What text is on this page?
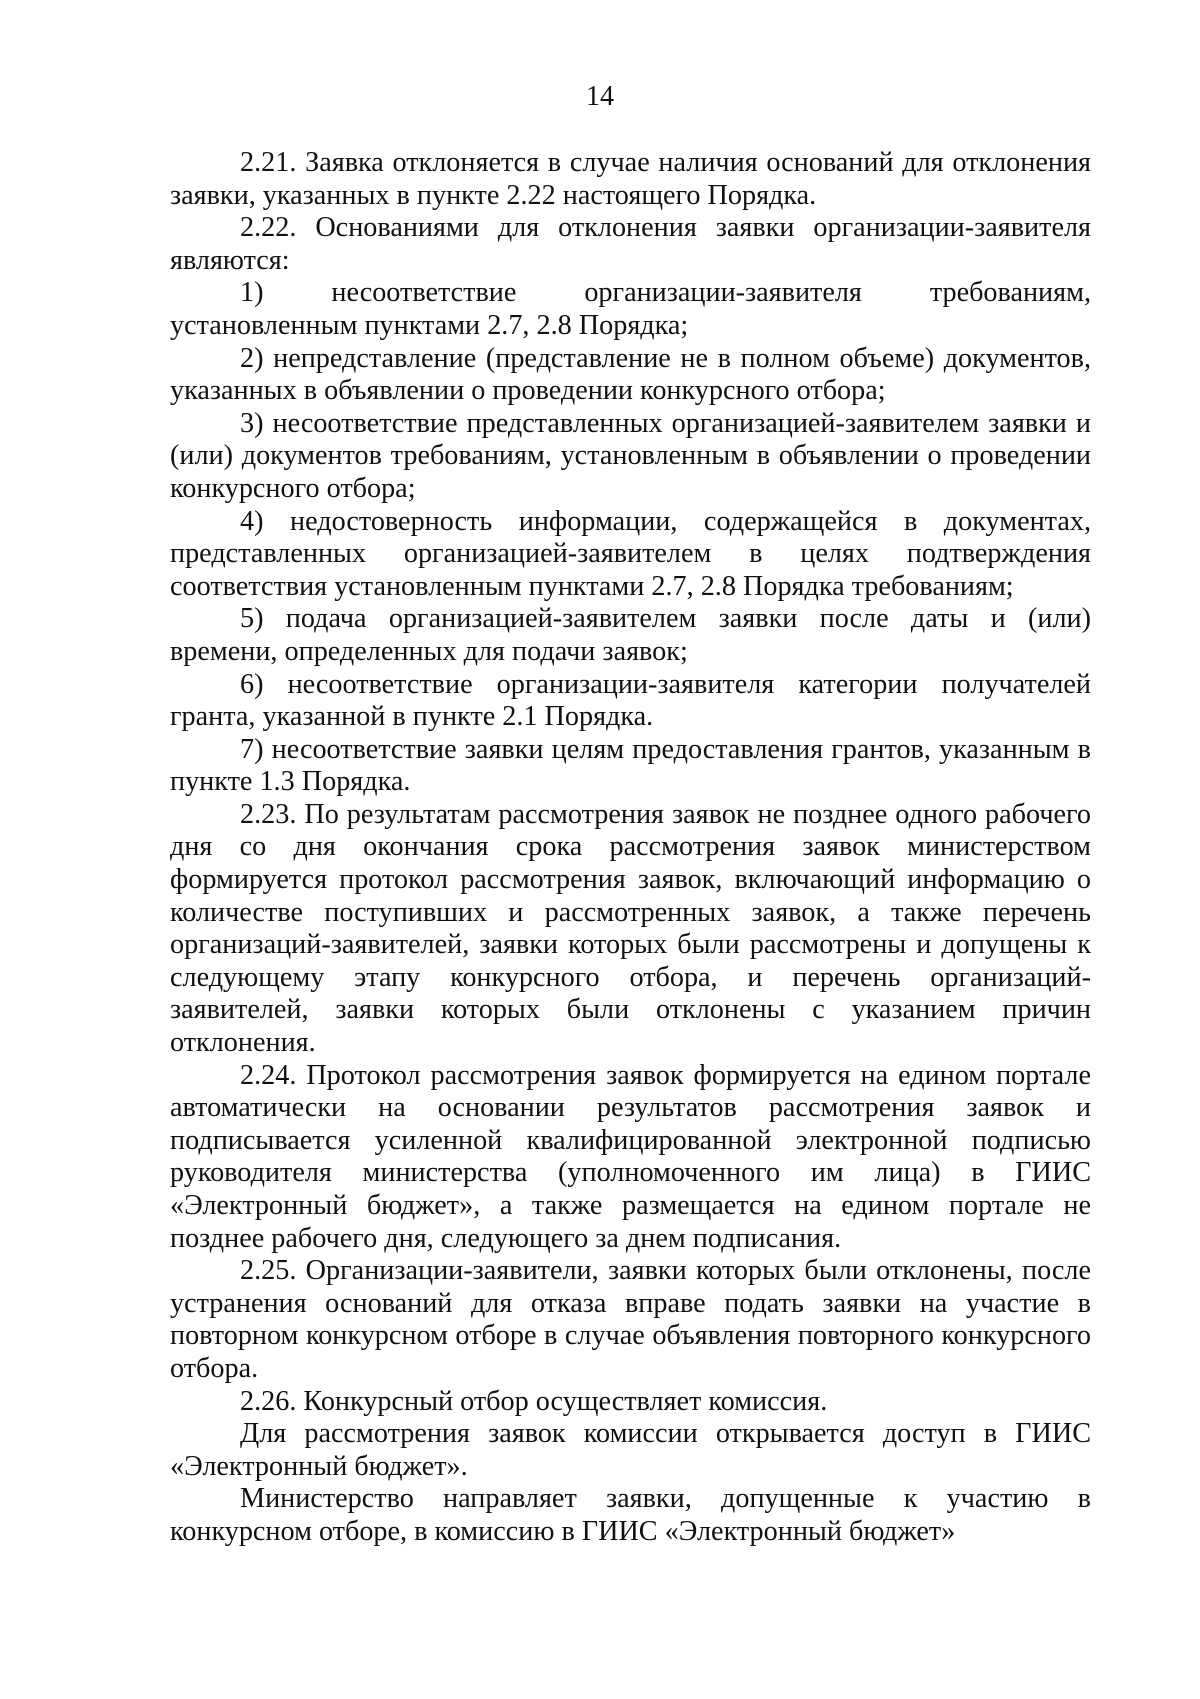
14

2.21. Заявка отклоняется в случае наличия оснований для отклонения заявки, указанных в пункте 2.22 настоящего Порядка.

2.22. Основаниями для отклонения заявки организации-заявителя являются:

1) несоответствие организации-заявителя требованиям, установленным пунктами 2.7, 2.8 Порядка;

2) непредставление (представление не в полном объеме) документов, указанных в объявлении о проведении конкурсного отбора;

3) несоответствие представленных организацией-заявителем заявки и (или) документов требованиям, установленным в объявлении о проведении конкурсного отбора;

4) недостоверность информации, содержащейся в документах, представленных организацией-заявителем в целях подтверждения соответствия установленным пунктами 2.7, 2.8 Порядка требованиям;

5) подача организацией-заявителем заявки после даты и (или) времени, определенных для подачи заявок;

6) несоответствие организации-заявителя категории получателей гранта, указанной в пункте 2.1 Порядка.

7) несоответствие заявки целям предоставления грантов, указанным в пункте 1.3 Порядка.

2.23. По результатам рассмотрения заявок не позднее одного рабочего дня со дня окончания срока рассмотрения заявок министерством формируется протокол рассмотрения заявок, включающий информацию о количестве поступивших и рассмотренных заявок, а также перечень организаций-заявителей, заявки которых были рассмотрены и допущены к следующему этапу конкурсного отбора, и перечень организаций-заявителей, заявки которых были отклонены с указанием причин отклонения.

2.24. Протокол рассмотрения заявок формируется на едином портале автоматически на основании результатов рассмотрения заявок и подписывается усиленной квалифицированной электронной подписью руководителя министерства (уполномоченного им лица) в ГИИС «Электронный бюджет», а также размещается на едином портале не позднее рабочего дня, следующего за днем подписания.

2.25. Организации-заявители, заявки которых были отклонены, после устранения оснований для отказа вправе подать заявки на участие в повторном конкурсном отборе в случае объявления повторного конкурсного отбора.

2.26. Конкурсный отбор осуществляет комиссия.

Для рассмотрения заявок комиссии открывается доступ в ГИИС «Электронный бюджет».

Министерство направляет заявки, допущенные к участию в конкурсном отборе, в комиссию в ГИИС «Электронный бюджет»
